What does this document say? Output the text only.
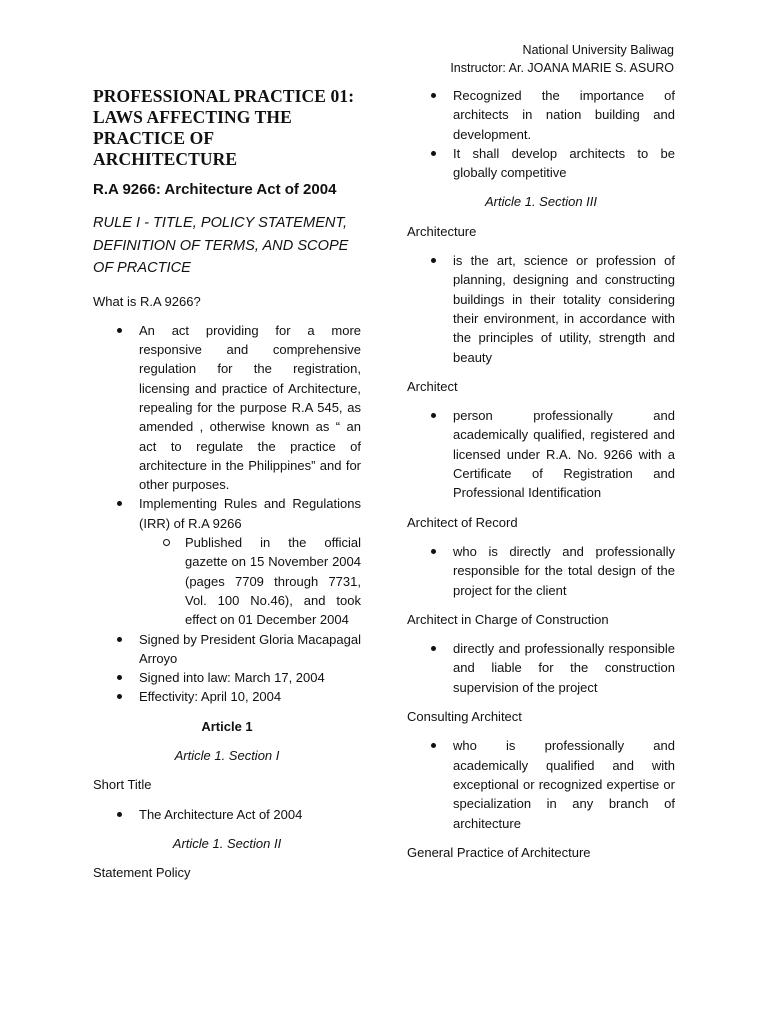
National University Baliwag
Instructor: Ar. JOANA MARIE S. ASURO
PROFESSIONAL PRACTICE 01: LAWS AFFECTING THE PRACTICE OF ARCHITECTURE
R.A 9266: Architecture Act of 2004
RULE I - TITLE, POLICY STATEMENT, DEFINITION OF TERMS, AND SCOPE OF PRACTICE

What is R.A 9266?

An act providing for a more responsive and comprehensive regulation for the registration, licensing and practice of Architecture, repealing for the purpose R.A 545, as amended , otherwise known as “ an act to regulate the practice of architecture in the Philippines” and for other purposes.
Implementing Rules and Regulations (IRR) of R.A 9266
Published in the official gazette on 15 November 2004 (pages 7709 through 7731, Vol. 100 No.46), and took effect on 01 December 2004
Signed by President Gloria Macapagal Arroyo
Signed into law: March 17, 2004
Effectivity: April 10, 2004

Article 1

Article 1. Section I

Short Title

The Architecture Act of 2004

Article 1. Section II

Statement Policy

Recognized the importance of architects in nation building and development.
It shall develop architects to be globally competitive

Article 1. Section III

Architecture

is the art, science or profession of planning, designing and constructing buildings in their totality considering their environment, in accordance with the principles of utility, strength and beauty

Architect

person professionally and academically qualified, registered and licensed under R.A. No. 9266 with a Certificate of Registration and Professional Identification

Architect of Record

who is directly and professionally responsible for the total design of the project for the client

Architect in Charge of Construction

directly and professionally responsible and liable for the construction supervision of the project

Consulting Architect

who is professionally and academically qualified and with exceptional or recognized expertise or specialization in any branch of architecture

General Practice of Architecture
